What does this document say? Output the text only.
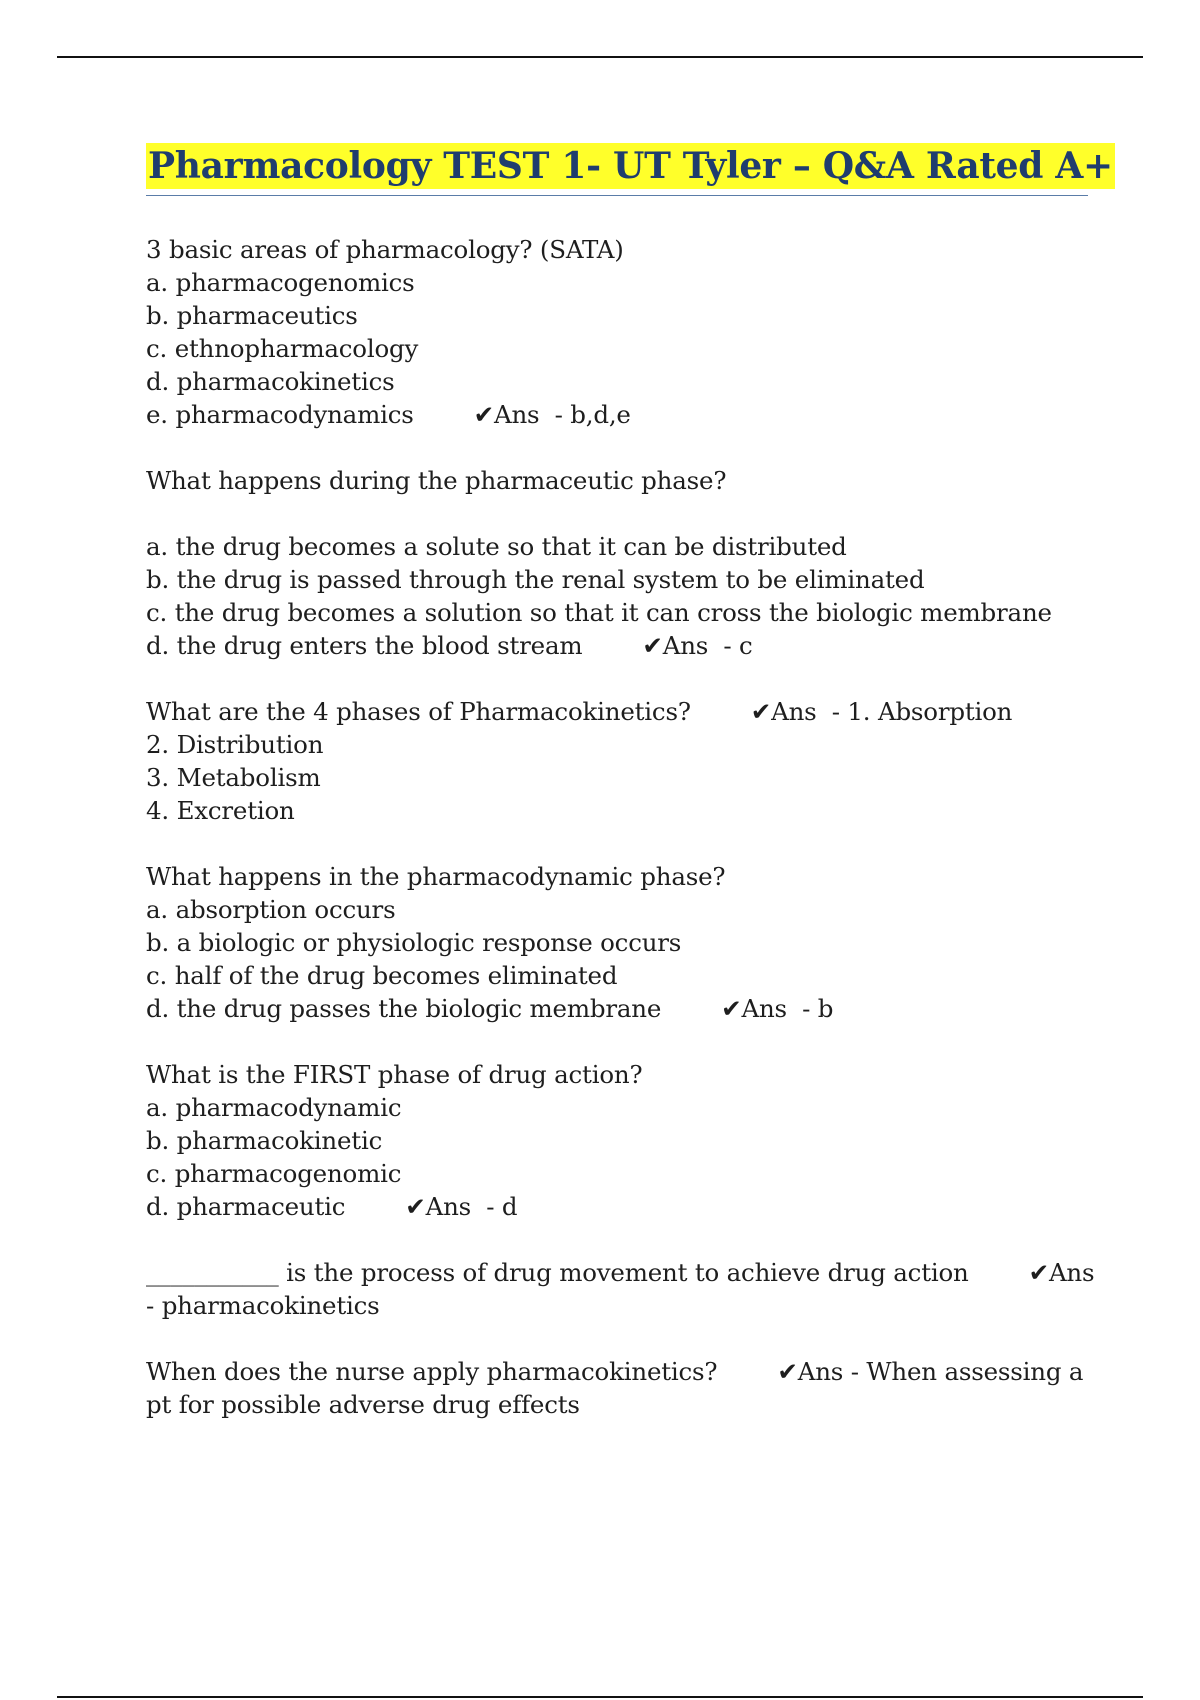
Pharmacology TEST 1- UT Tyler – Q&A Rated A+
3 basic areas of pharmacology? (SATA)
a. pharmacogenomics
b. pharmaceutics
c. ethnopharmacology
d. pharmacokinetics
e. pharmacodynamics ✔Ans  - b,d,e
What happens during the pharmaceutic phase?
a. the drug becomes a solute so that it can be distributed
b. the drug is passed through the renal system to be eliminated
c. the drug becomes a solution so that it can cross the biologic membrane
d. the drug enters the blood stream ✔Ans  - c
What are the 4 phases of Pharmacokinetics? ✔Ans  - 1. Absorption
2. Distribution
3. Metabolism
4. Excretion
What happens in the pharmacodynamic phase?
a. absorption occurs
b. a biologic or physiologic response occurs
c. half of the drug becomes eliminated
d. the drug passes the biologic membrane ✔Ans  - b
What is the FIRST phase of drug action?
a. pharmacodynamic
b. pharmacokinetic
c. pharmacogenomic
d. pharmaceutic ✔Ans  - d
___________ is the process of drug movement to achieve drug action ✔Ans - pharmacokinetics
When does the nurse apply pharmacokinetics? ✔Ans - When assessing a pt for possible adverse drug effects
